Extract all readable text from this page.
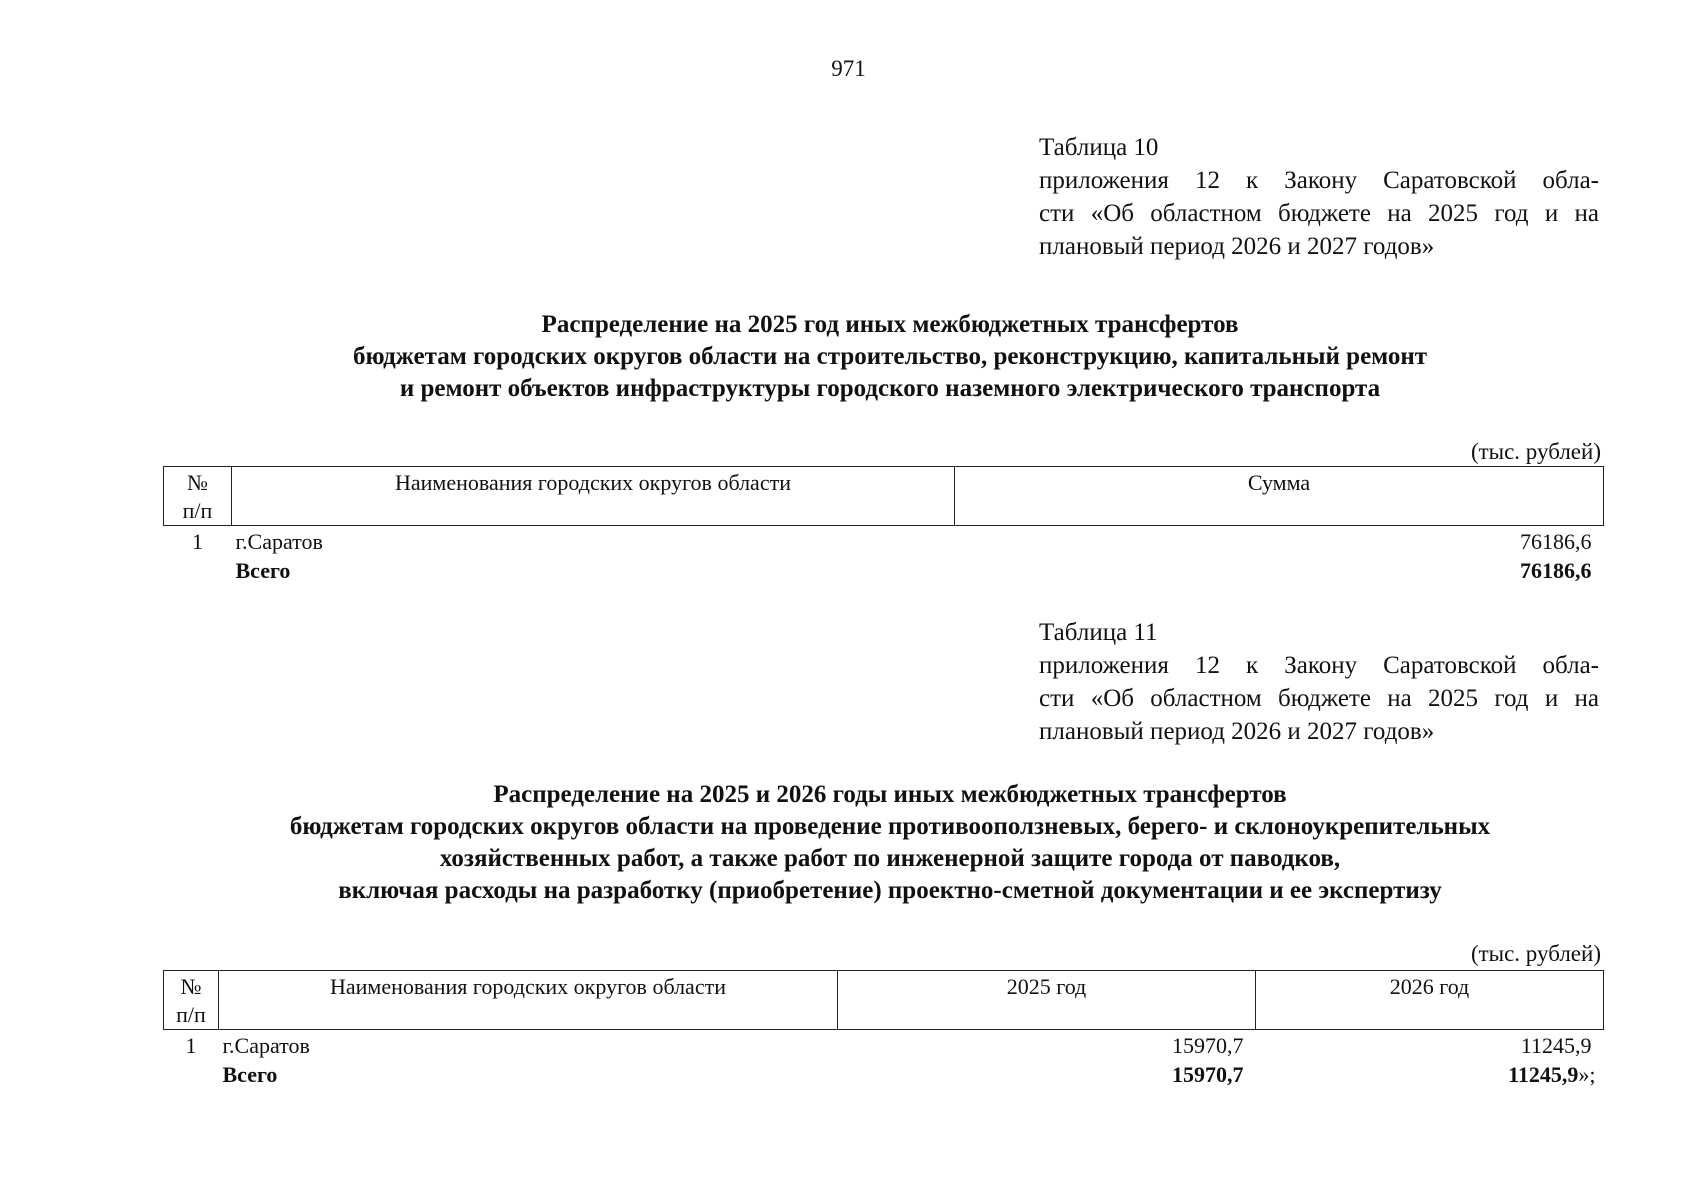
971
Таблица 10
приложения 12 к Закону Саратовской обла-
сти «Об областном бюджете на 2025 год и на
плановый период 2026 и 2027 годов»
Распределение на 2025 год иных межбюджетных трансфертов
бюджетам городских округов области на строительство, реконструкцию, капитальный ремонт
и ремонт объектов инфраструктуры городского наземного электрического транспорта
(тыс. рублей)
№
п/п	Наименования городских округов области	Сумма
1	г.Саратов	76186,6
	Всего	76186,6
Таблица 11
приложения 12 к Закону Саратовской обла-
сти «Об областном бюджете на 2025 год и на
плановый период 2026 и 2027 годов»
Распределение на 2025 и 2026 годы иных межбюджетных трансфертов
бюджетам городских округов области на проведение противооползневых, берего- и склоноукрепительных
хозяйственных работ, а также работ по инженерной защите города от паводков,
включая расходы на разработку (приобретение) проектно-сметной документации и ее экспертизу
(тыс. рублей)
№
п/п	Наименования городских округов области	2025 год	2026 год
1	г.Саратов	15970,7	11245,9
	Всего	15970,7	11245,9»;
